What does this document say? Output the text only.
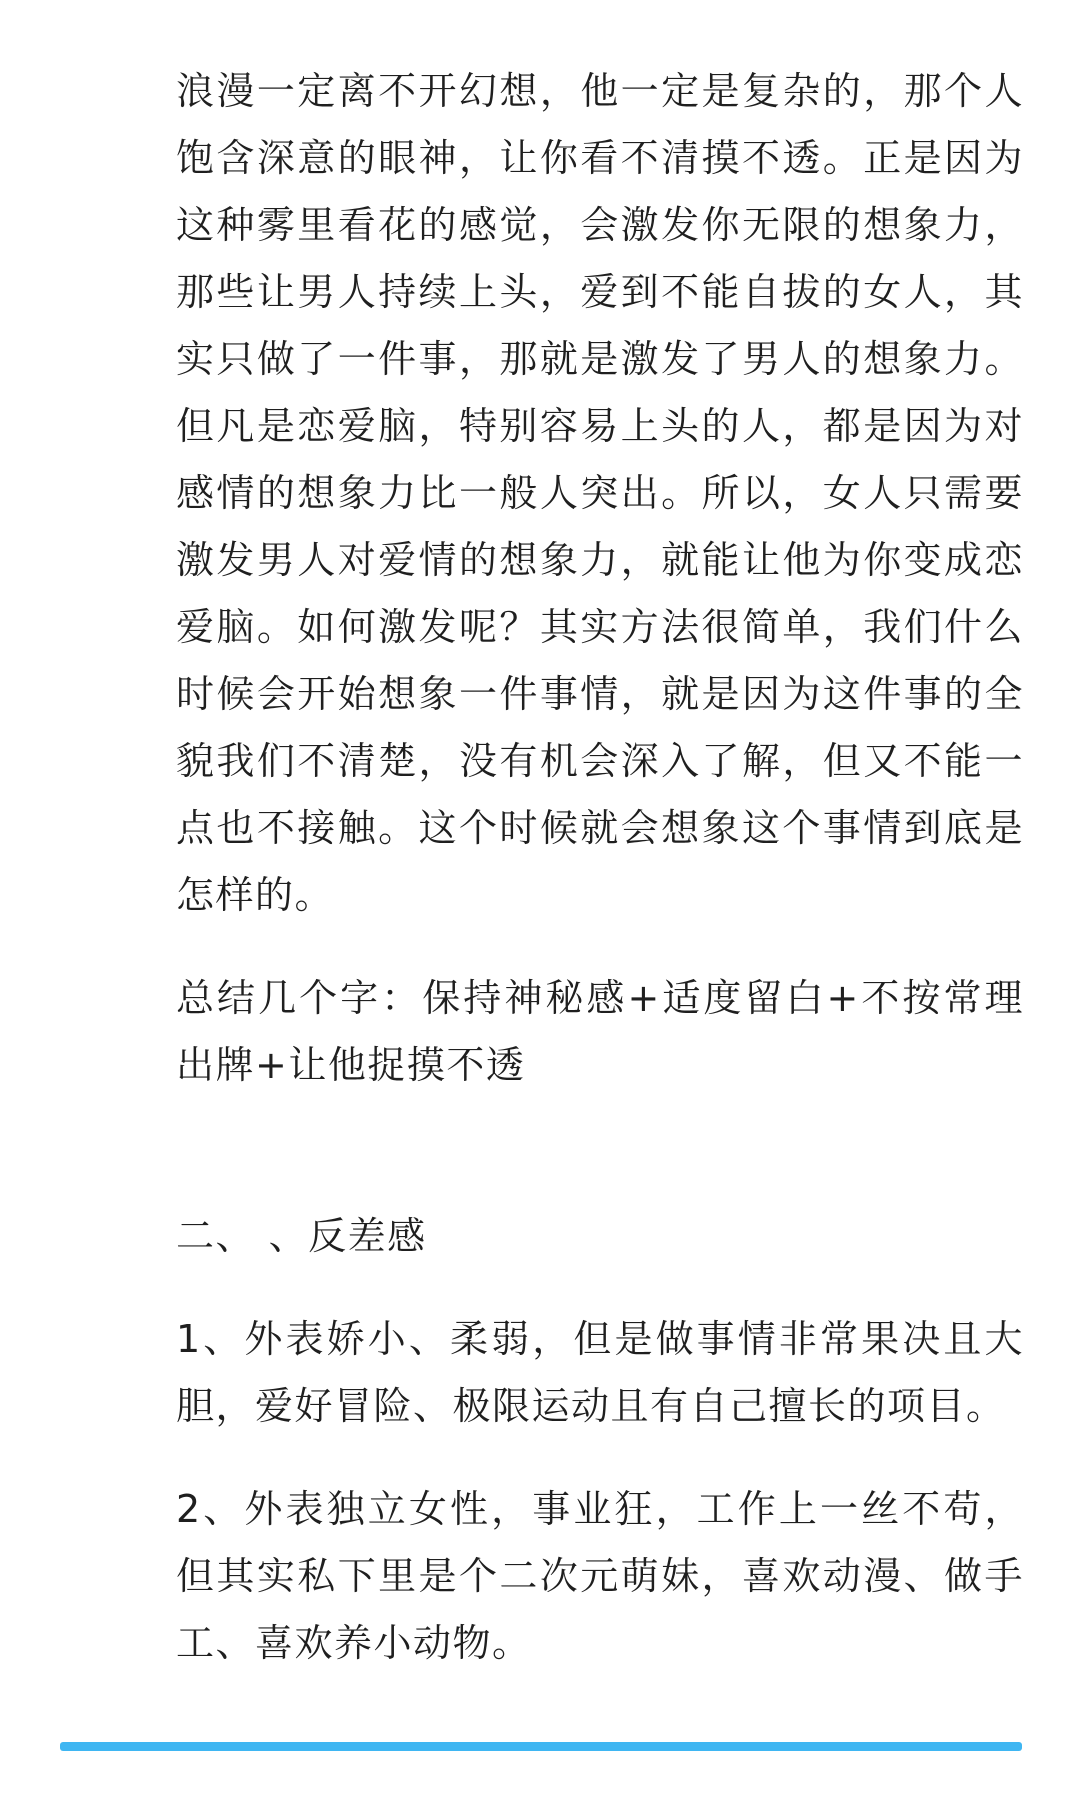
浪漫一定离不开幻想，他一定是复杂的，那个人饱含深意的眼神，让你看不清摸不透。正是因为这种雾里看花的感觉，会激发你无限的想象力，那些让男人持续上头，爱到不能自拔的女人，其实只做了一件事，那就是激发了男人的想象力。但凡是恋爱脑，特别容易上头的人，都是因为对感情的想象力比一般人突出。所以，女人只需要激发男人对爱情的想象力，就能让他为你变成恋爱脑。如何激发呢？其实方法很简单，我们什么时候会开始想象一件事情，就是因为这件事的全貌我们不清楚，没有机会深入了解，但又不能一点也不接触。这个时候就会想象这个事情到底是怎样的。

总结几个字：保持神秘感+适度留白+不按常理出牌+让他捉摸不透

二、 、反差感

1、外表娇小、柔弱，但是做事情非常果决且大胆，爱好冒险、极限运动且有自己擅长的项目。

2、外表独立女性，事业狂，工作上一丝不苟，但其实私下里是个二次元萌妹，喜欢动漫、做手工、喜欢养小动物。
